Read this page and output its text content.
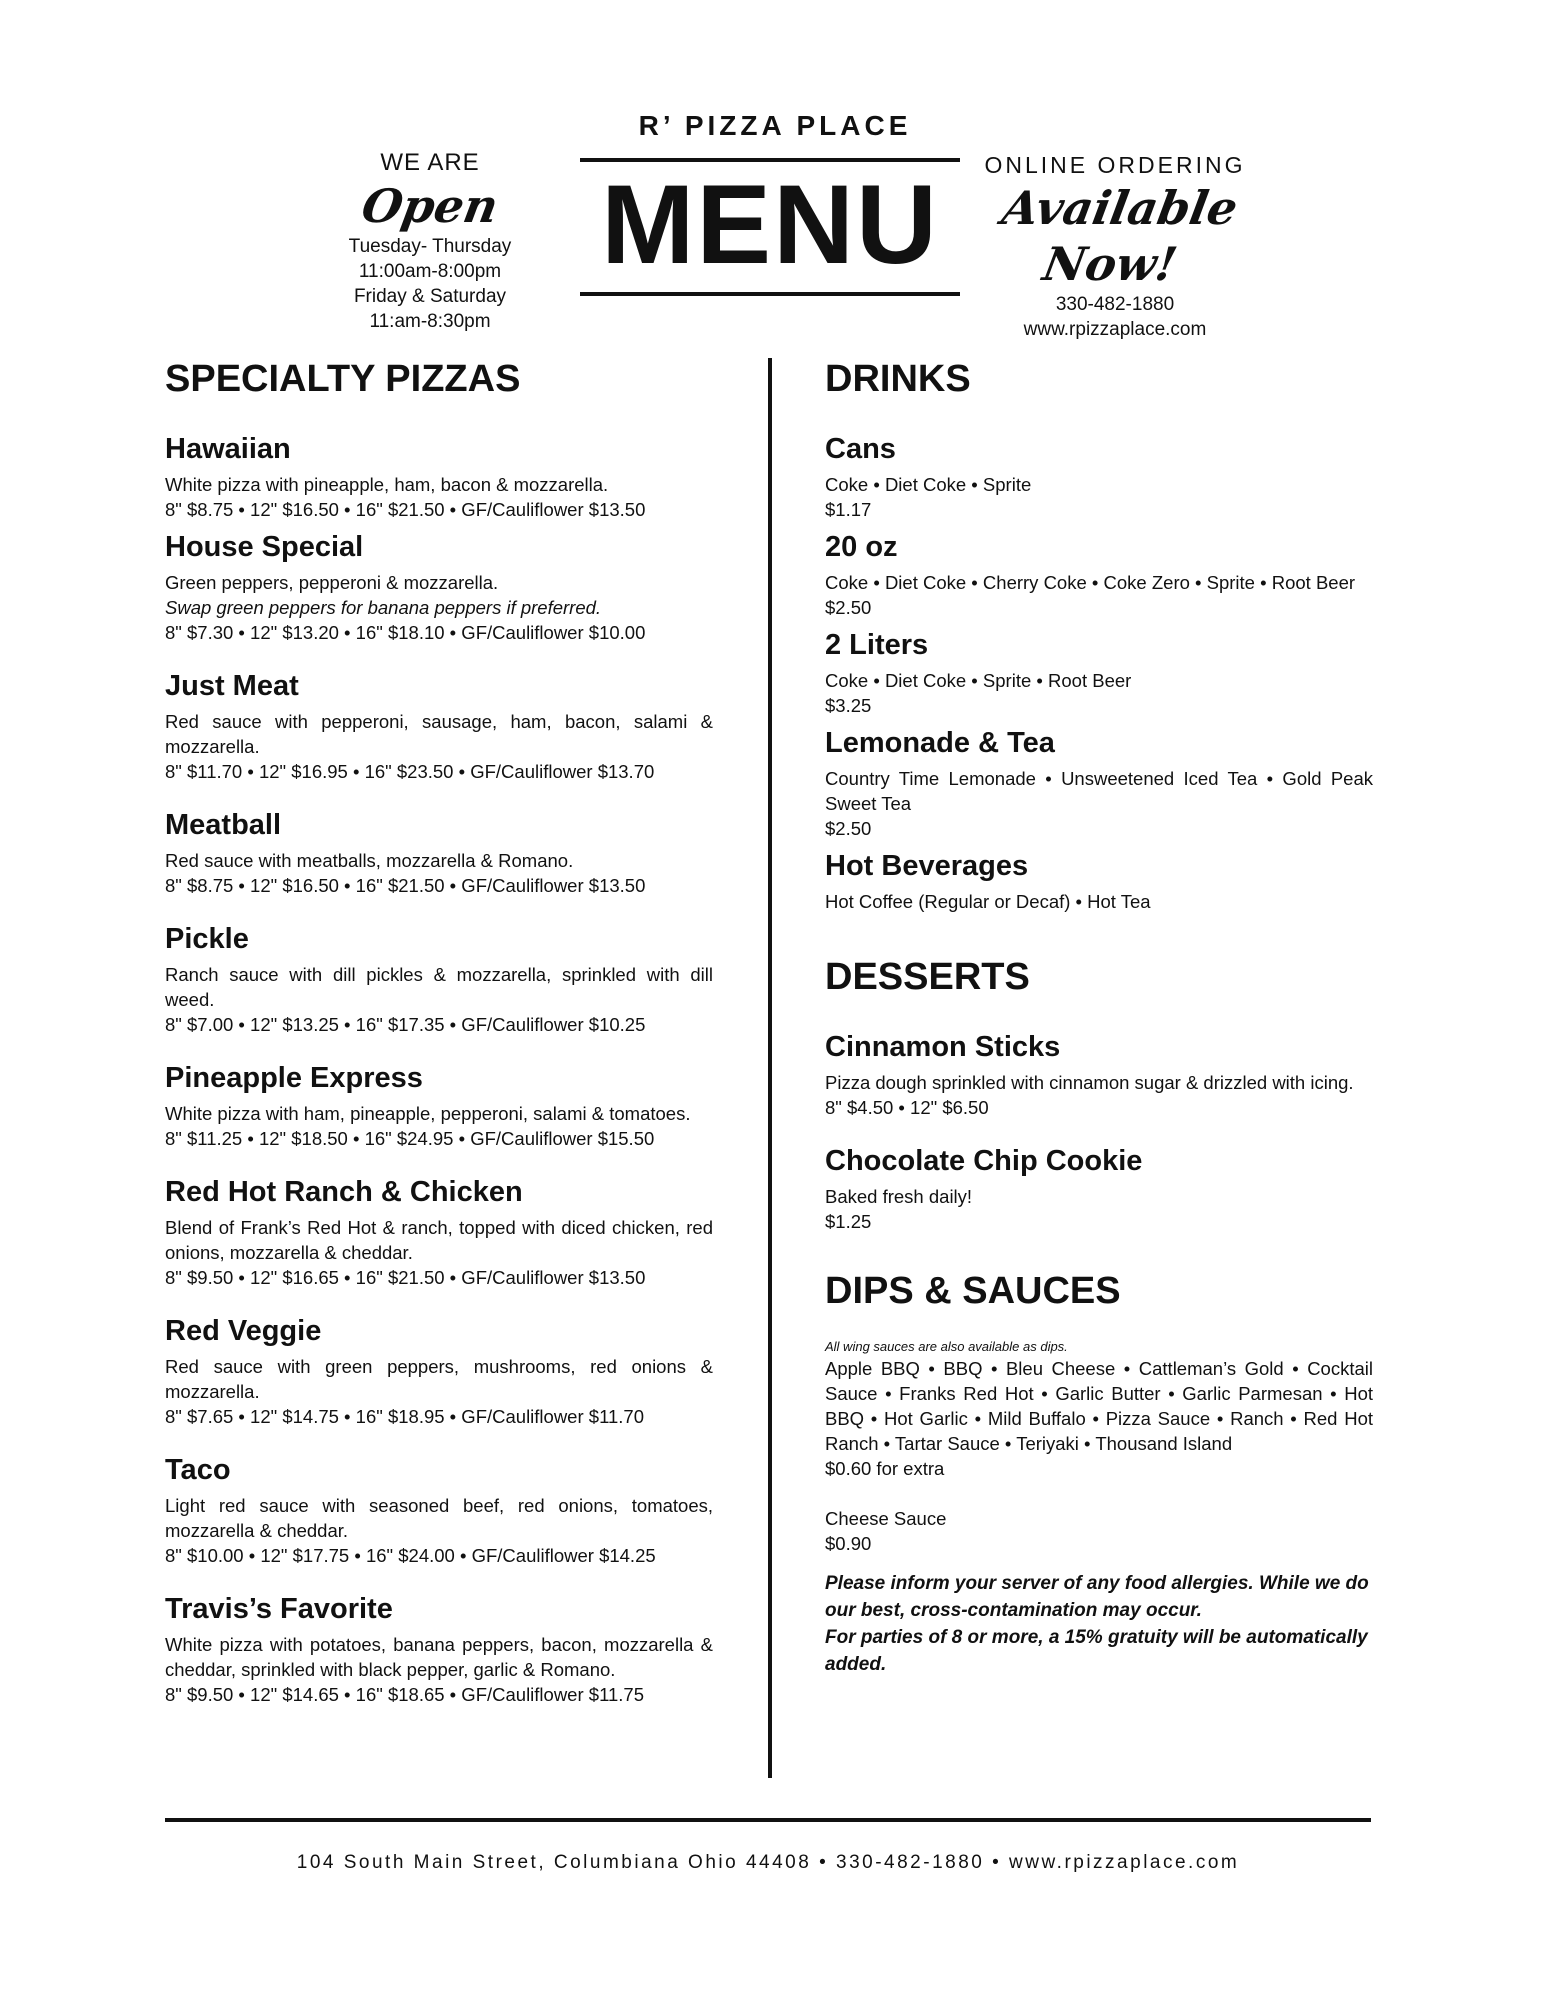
R’ PIZZA PLACE
MENU
WE ARE
Open
Tuesday- Thursday
11:00am-8:00pm
Friday & Saturday
11:am-8:30pm
ONLINE ORDERING
Available Now!
330-482-1880
www.rpizzaplace.com
SPECIALTY PIZZAS
Hawaiian

White pizza with pineapple, ham, bacon & mozzarella.

8" $8.75 • 12" $16.50 • 16" $21.50 • GF/Cauliflower $13.50

House Special

Green peppers, pepperoni & mozzarella.

Swap green peppers for banana peppers if preferred.

8" $7.30 • 12" $13.20 • 16" $18.10 • GF/Cauliflower $10.00

Just Meat

Red sauce with pepperoni, sausage, ham, bacon, salami & mozzarella.

8" $11.70 • 12" $16.95 • 16" $23.50 • GF/Cauliflower $13.70

Meatball

Red sauce with meatballs, mozzarella & Romano.

8" $8.75 • 12" $16.50 • 16" $21.50 • GF/Cauliflower $13.50

Pickle

Ranch sauce with dill pickles & mozzarella, sprinkled with dill weed.

8" $7.00 • 12" $13.25 • 16" $17.35 • GF/Cauliflower $10.25

Pineapple Express

White pizza with ham, pineapple, pepperoni, salami & tomatoes.

8" $11.25 • 12" $18.50 • 16" $24.95 • GF/Cauliflower $15.50

Red Hot Ranch & Chicken

Blend of Frank’s Red Hot & ranch, topped with diced chicken, red onions, mozzarella & cheddar.

8" $9.50 • 12" $16.65 • 16" $21.50 • GF/Cauliflower $13.50

Red Veggie

Red sauce with green peppers, mushrooms, red onions & mozzarella.

8" $7.65 • 12" $14.75 • 16" $18.95 • GF/Cauliflower $11.70

Taco

Light red sauce with seasoned beef, red onions, tomatoes, mozzarella & cheddar.

8" $10.00 • 12" $17.75 • 16" $24.00 • GF/Cauliflower $14.25

Travis’s Favorite

White pizza with potatoes, banana peppers, bacon, mozzarella & cheddar, sprinkled with black pepper, garlic & Romano.

8" $9.50 • 12" $14.65 • 16" $18.65 • GF/Cauliflower $11.75

DRINKS
Cans

Coke • Diet Coke • Sprite

$1.17

20 oz

Coke • Diet Coke • Cherry Coke • Coke Zero • Sprite • Root Beer

$2.50

2 Liters

Coke • Diet Coke • Sprite • Root Beer

$3.25

Lemonade & Tea

Country Time Lemonade • Unsweetened Iced Tea • Gold Peak Sweet Tea

$2.50

Hot Beverages

Hot Coffee (Regular or Decaf) • Hot Tea

DESSERTS
Cinnamon Sticks

Pizza dough sprinkled with cinnamon sugar & drizzled with icing.

8" $4.50 • 12" $6.50

Chocolate Chip Cookie

Baked fresh daily!

$1.25

DIPS & SAUCES

All wing sauces are also available as dips.

Apple BBQ • BBQ • Bleu Cheese • Cattleman’s Gold • Cocktail Sauce • Franks Red Hot • Garlic Butter • Garlic Parmesan • Hot BBQ • Hot Garlic • Mild Buffalo • Pizza Sauce • Ranch • Red Hot Ranch • Tartar Sauce • Teriyaki • Thousand Island

$0.60 for extra

Cheese Sauce

$0.90

Please inform your server of any food allergies. While we do our best, cross-contamination may occur.

For parties of 8 or more, a 15% gratuity will be automatically added.

104 South Main Street, Columbiana Ohio 44408 • 330-482-1880 • www.rpizzaplace.com
